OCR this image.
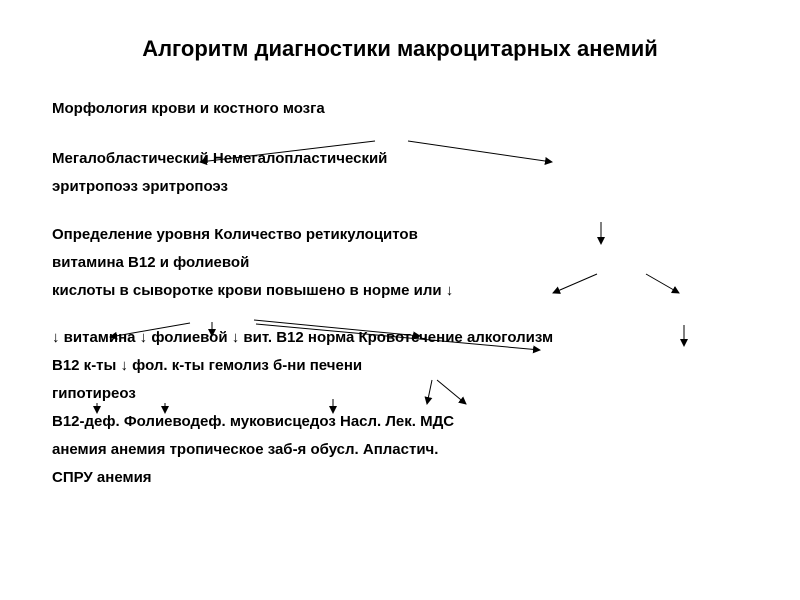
Алгоритм диагностики макроцитарных анемий
Морфология крови и костного мозга
Мегалобластический Немегалопластический
эритропоэз эритропоэз
Определение уровня Количество ретикулоцитов
витамина В12 и фолиевой
кислоты в сыворотке крови повышено в норме или ↓
↓ витамина ↓ фолиевой ↓ вит. В12 норма Кровотечение алкоголизм
В12 к-ты ↓ фол. к-ты гемолиз б-ни печени
гипотиреоз
В12-деф. Фолиеводеф. муковисцедоз Насл. Лек. МДС
анемия анемия тропическое заб-я обусл. Апластич.
СПРУ анемия
